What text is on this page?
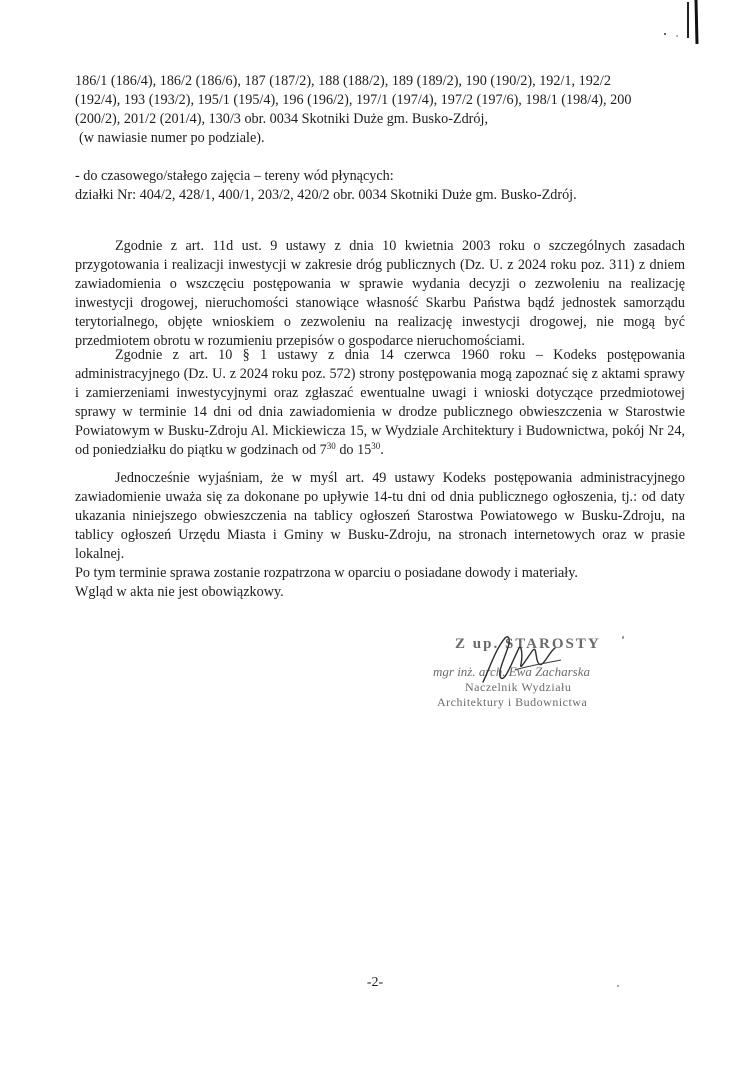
186/1 (186/4), 186/2 (186/6), 187 (187/2), 188 (188/2), 189 (189/2), 190 (190/2), 192/1, 192/2
(192/4), 193 (193/2), 195/1 (195/4), 196 (196/2), 197/1 (197/4), 197/2 (197/6), 198/1 (198/4), 200
(200/2), 201/2 (201/4), 130/3 obr. 0034 Skotniki Duże gm. Busko-Zdrój,
(w nawiasie numer po podziale).

- do czasowego/stałego zajęcia – tereny wód płynących:

działki Nr: 404/2, 428/1, 400/1, 203/2, 420/2 obr. 0034 Skotniki Duże gm. Busko-Zdrój.

Zgodnie z art. 11d ust. 9 ustawy z dnia 10 kwietnia 2003 roku o szczególnych zasadach przygotowania i realizacji inwestycji w zakresie dróg publicznych (Dz. U. z 2024 roku poz. 311) z dniem zawiadomienia o wszczęciu postępowania w sprawie wydania decyzji o zezwoleniu na realizację inwestycji drogowej, nieruchomości stanowiące własność Skarbu Państwa bądź jednostek samorządu terytorialnego, objęte wnioskiem o zezwoleniu na realizację inwestycji drogowej, nie mogą być przedmiotem obrotu w rozumieniu przepisów o gospodarce nieruchomościami.

Zgodnie z art. 10 § 1 ustawy z dnia 14 czerwca 1960 roku – Kodeks postępowania administracyjnego (Dz. U. z 2024 roku poz. 572) strony postępowania mogą zapoznać się z aktami sprawy i zamierzeniami inwestycyjnymi oraz zgłaszać ewentualne uwagi i wnioski dotyczące przedmiotowej sprawy w terminie 14 dni od dnia zawiadomienia w drodze publicznego obwieszczenia w Starostwie Powiatowym w Busku-Zdroju Al. Mickiewicza 15, w Wydziale Architektury i Budownictwa, pokój Nr 24, od poniedziałku do piątku w godzinach od $7^{30}$ do $15^{30}$.

Jednocześnie wyjaśniam, że w myśl art. 49 ustawy Kodeks postępowania administracyjnego zawiadomienie uważa się za dokonane po upływie 14-tu dni od dnia publicznego ogłoszenia, tj.: od daty ukazania niniejszego obwieszczenia na tablicy ogłoszeń Starostwa Powiatowego w Busku-Zdroju, na tablicy ogłoszeń Urzędu Miasta i Gminy w Busku-Zdroju, na stronach internetowych oraz w prasie lokalnej.

Po tym terminie sprawa zostanie rozpatrzona w oparciu o posiadane dowody i materiały.

Wgląd w akta nie jest obowiązkowy.

Z up. STAROSTY
mgr inż. arch. Ewa Zacharska
Naczelnik Wydziału
Architektury i Budownictwa
-2-
